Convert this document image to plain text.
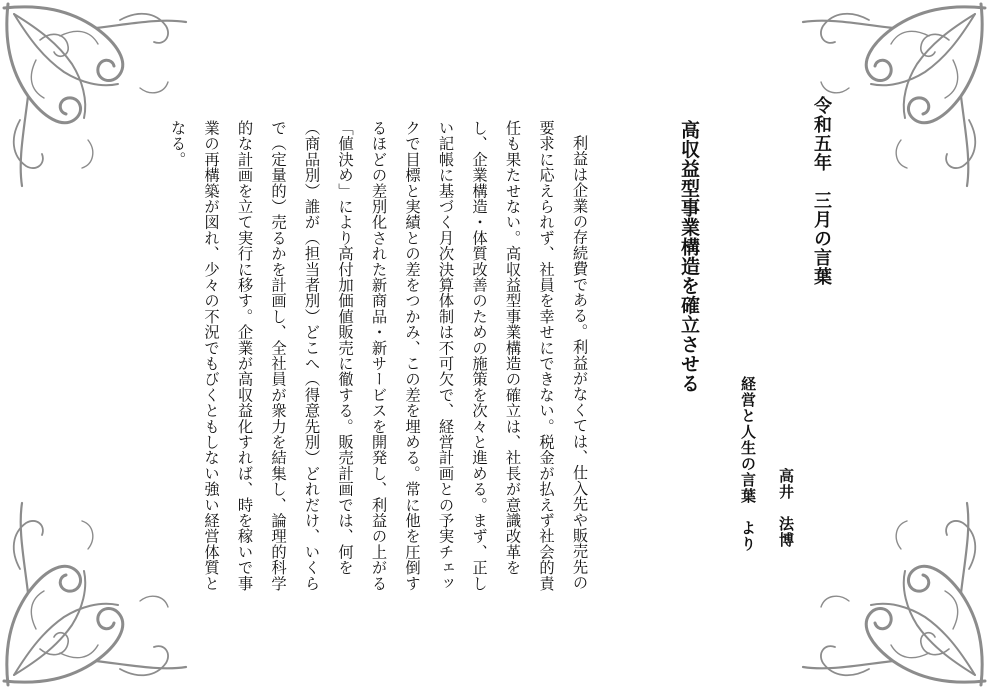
令和五年　三月の言葉
高井　法博
経営と人生の言葉　より
高収益型事業構造を確立させる

利益は企業の存続費である。利益がなくては、仕入先や販売先の要求に応えられず、社員を幸せにできない。税金が払えず社会的責任も果たせない。高収益型事業構造の確立は、社長が意識改革をし、企業構造・体質改善のための施策を次々と進める。まず、正しい記帳に基づく月次決算体制は不可欠で、経営計画との予実チェックで目標と実績との差をつかみ、この差を埋める。常に他を圧倒するほどの差別化された新商品・新サービスを開発し、利益の上がる「値決め」により高付加価値販売に徹する。販売計画では、何を（商品別）誰が（担当者別）どこへ（得意先別）どれだけ、いくらで（定量的）売るかを計画し、全社員が衆力を結集し、論理的科学的な計画を立て実行に移す。企業が高収益化すれば、時を稼いで事業の再構築が図れ、少々の不況でもびくともしない強い経営体質となる。
